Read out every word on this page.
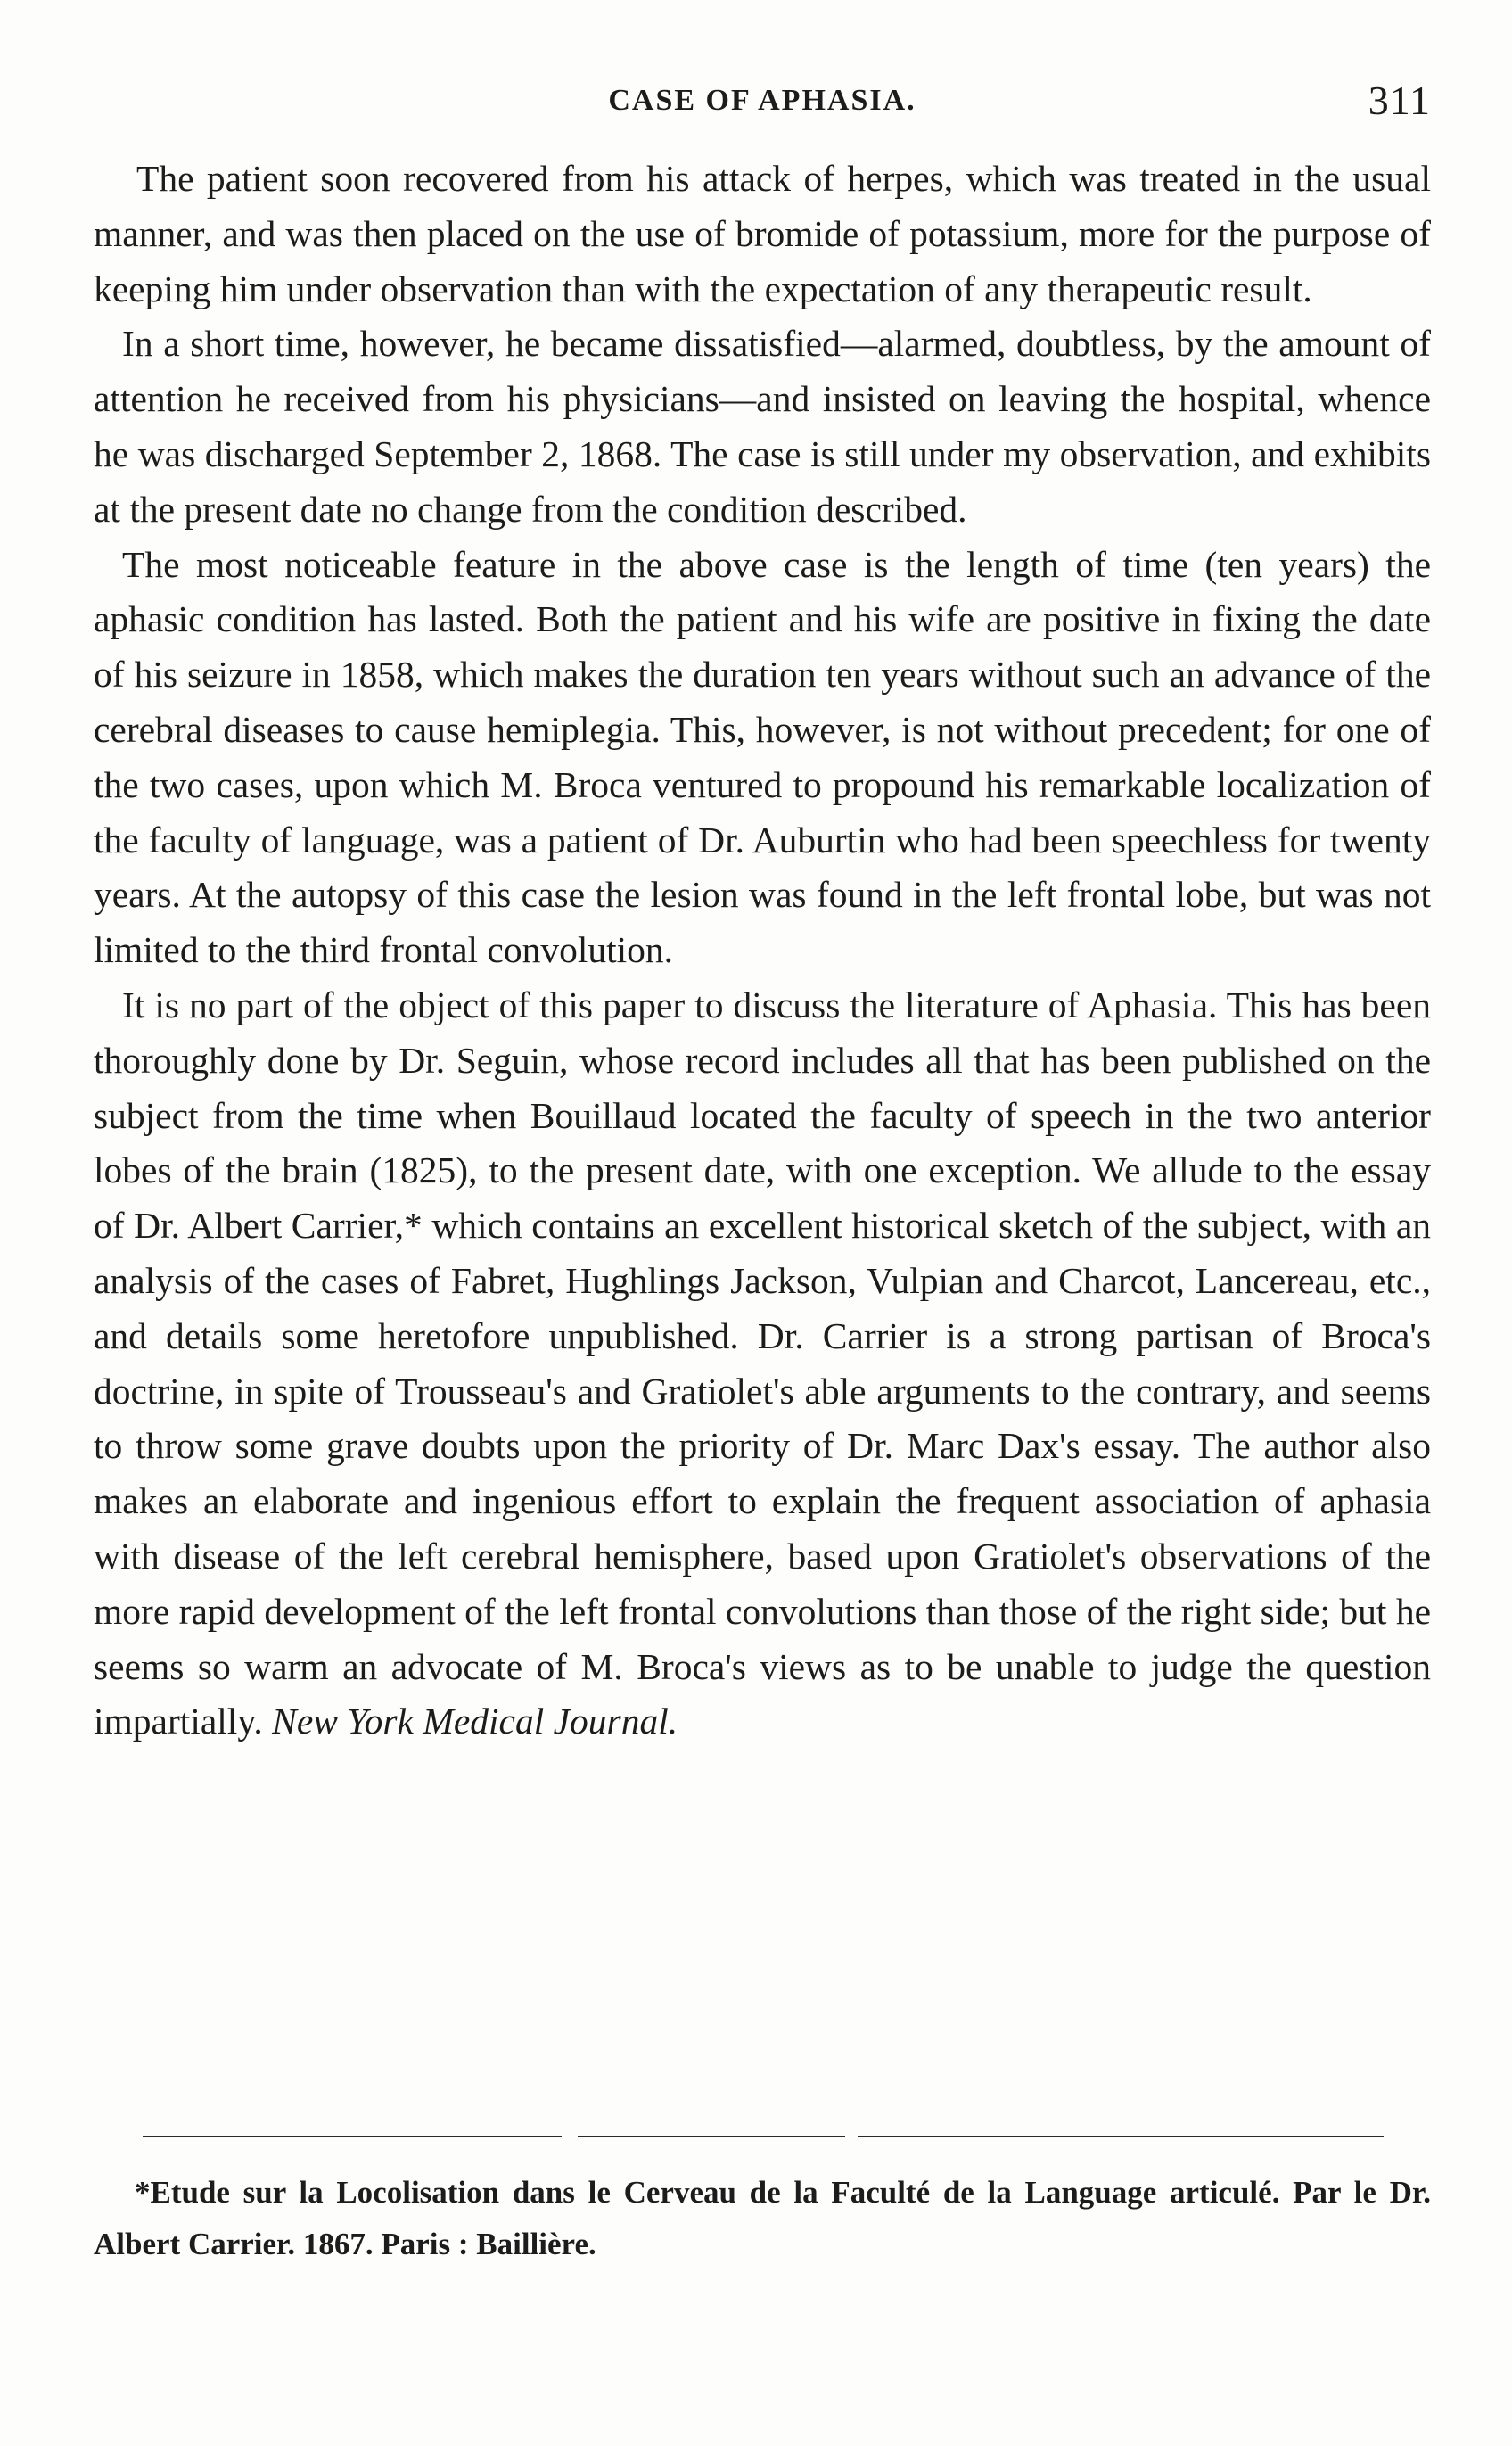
CASE OF APHASIA.	311

The patient soon recovered from his attack of herpes, which was treated in the usual manner, and was then placed on the use of bromide of potassium, more for the purpose of keeping him under observation than with the expectation of any therapeutic result.

In a short time, however, he became dissatisfied—alarmed, doubtless, by the amount of attention he received from his physicians—and insisted on leaving the hospital, whence he was discharged September 2, 1868. The case is still under my observation, and exhibits at the present date no change from the condition described.

The most noticeable feature in the above case is the length of time (ten years) the aphasic condition has lasted. Both the patient and his wife are positive in fixing the date of his seizure in 1858, which makes the duration ten years without such an advance of the cerebral diseases to cause hemiplegia. This, however, is not without precedent; for one of the two cases, upon which M. Broca ventured to propound his remarkable localization of the faculty of language, was a patient of Dr. Auburtin who had been speechless for twenty years. At the autopsy of this case the lesion was found in the left frontal lobe, but was not limited to the third frontal convolution.

It is no part of the object of this paper to discuss the literature of Aphasia. This has been thoroughly done by Dr. Seguin, whose record includes all that has been published on the subject from the time when Bouillaud located the faculty of speech in the two anterior lobes of the brain (1825), to the present date, with one exception. We allude to the essay of Dr. Albert Carrier,* which contains an excellent historical sketch of the subject, with an analysis of the cases of Fabret, Hughlings Jackson, Vulpian and Charcot, Lancereau, etc., and details some heretofore unpublished. Dr. Carrier is a strong partisan of Broca's doctrine, in spite of Trousseau's and Gratiolet's able arguments to the contrary, and seems to throw some grave doubts upon the priority of Dr. Marc Dax's essay. The author also makes an elaborate and ingenious effort to explain the frequent association of aphasia with disease of the left cerebral hemisphere, based upon Gratiolet's observations of the more rapid development of the left frontal convolutions than those of the right side; but he seems so warm an advocate of M. Broca's views as to be unable to judge the question impartially. New York Medical Journal.

*Etude sur la Locolisation dans le Cerveau de la Faculté de la Language articulé. Par le Dr. Albert Carrier. 1867. Paris : Baillière.
